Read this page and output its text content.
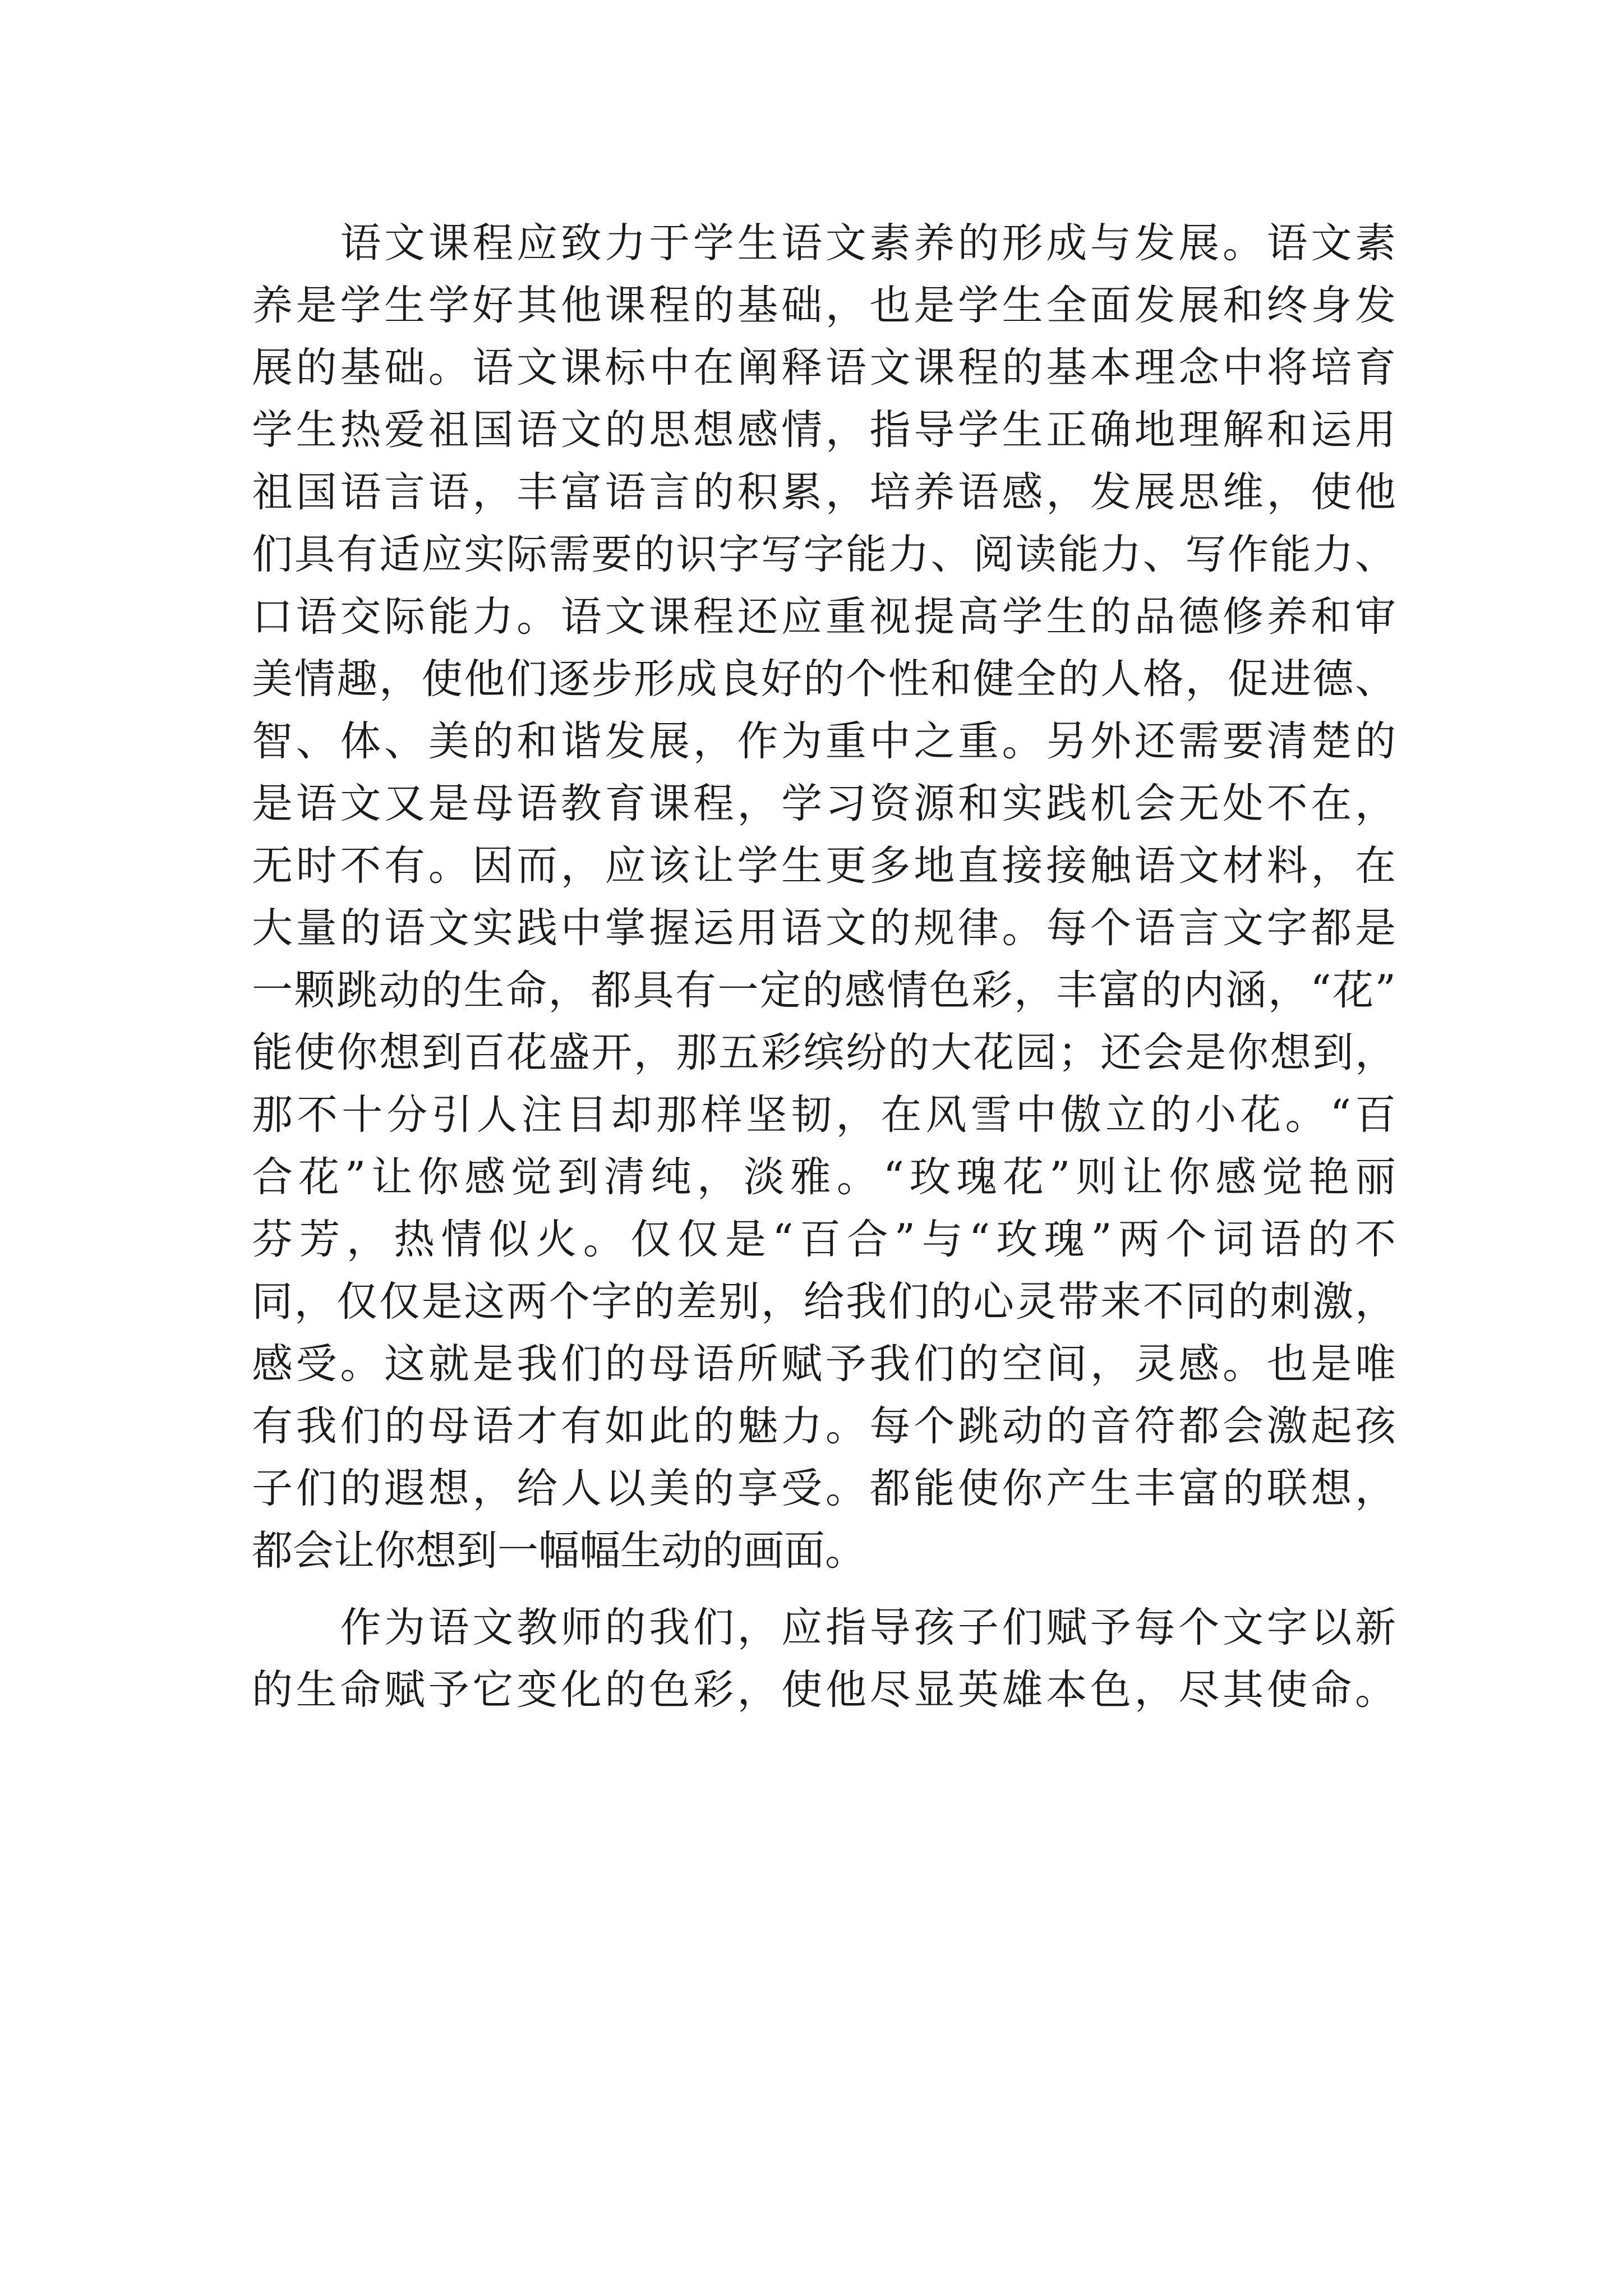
　　语文课程应致力于学生语文素养的形成与发展。语文素
养是学生学好其他课程的基础，也是学生全面发展和终身发
展的基础。语文课标中在阐释语文课程的基本理念中将培育
学生热爱祖国语文的思想感情，指导学生正确地理解和运用
祖国语言语，丰富语言的积累，培养语感，发展思维，使他
们具有适应实际需要的识字写字能力、阅读能力、写作能力、
口语交际能力。语文课程还应重视提高学生的品德修养和审
美情趣，使他们逐步形成良好的个性和健全的人格，促进德、
智、体、美的和谐发展，作为重中之重。另外还需要清楚的
是语文又是母语教育课程，学习资源和实践机会无处不在，
无时不有。因而，应该让学生更多地直接接触语文材料，在
大量的语文实践中掌握运用语文的规律。每个语言文字都是
一颗跳动的生命，都具有一定的感情色彩，丰富的内涵，“花”
能使你想到百花盛开，那五彩缤纷的大花园；还会是你想到，
那不十分引人注目却那样坚韧，在风雪中傲立的小花。“百
合花”让你感觉到清纯，淡雅。“玫瑰花”则让你感觉艳丽
芬芳，热情似火。仅仅是“百合”与“玫瑰”两个词语的不
同，仅仅是这两个字的差别，给我们的心灵带来不同的刺激，
感受。这就是我们的母语所赋予我们的空间，灵感。也是唯
有我们的母语才有如此的魅力。每个跳动的音符都会激起孩
子们的遐想，给人以美的享受。都能使你产生丰富的联想，
都会让你想到一幅幅生动的画面。
　　作为语文教师的我们，应指导孩子们赋予每个文字以新
的生命赋予它变化的色彩，使他尽显英雄本色，尽其使命。
